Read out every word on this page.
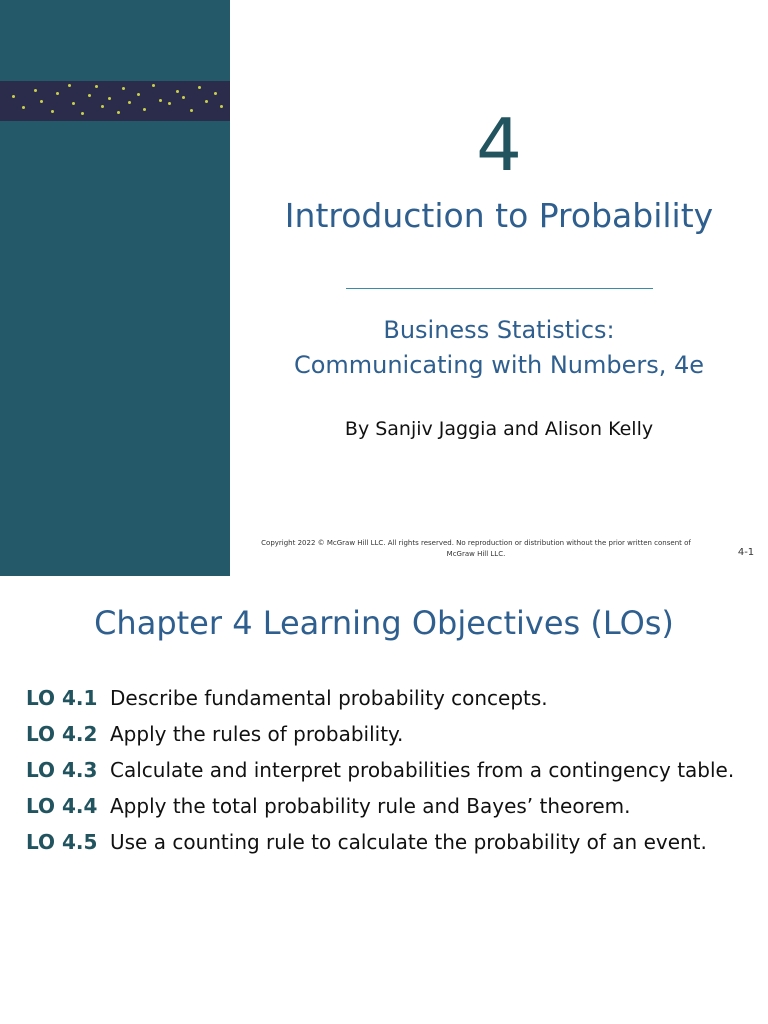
4
Introduction to Probability
Business Statistics:
Communicating with Numbers, 4e
By Sanjiv Jaggia and Alison Kelly
Copyright 2022 © McGraw Hill LLC. All rights reserved. No reproduction or distribution without the prior written consent of McGraw Hill LLC.	4-1
Chapter 4 Learning Objectives (LOs)
LO 4.1 Describe fundamental probability concepts.
LO 4.2 Apply the rules of probability.
LO 4.3 Calculate and interpret probabilities from a contingency table.
LO 4.4 Apply the total probability rule and Bayes’ theorem.
LO 4.5 Use a counting rule to calculate the probability of an event.
